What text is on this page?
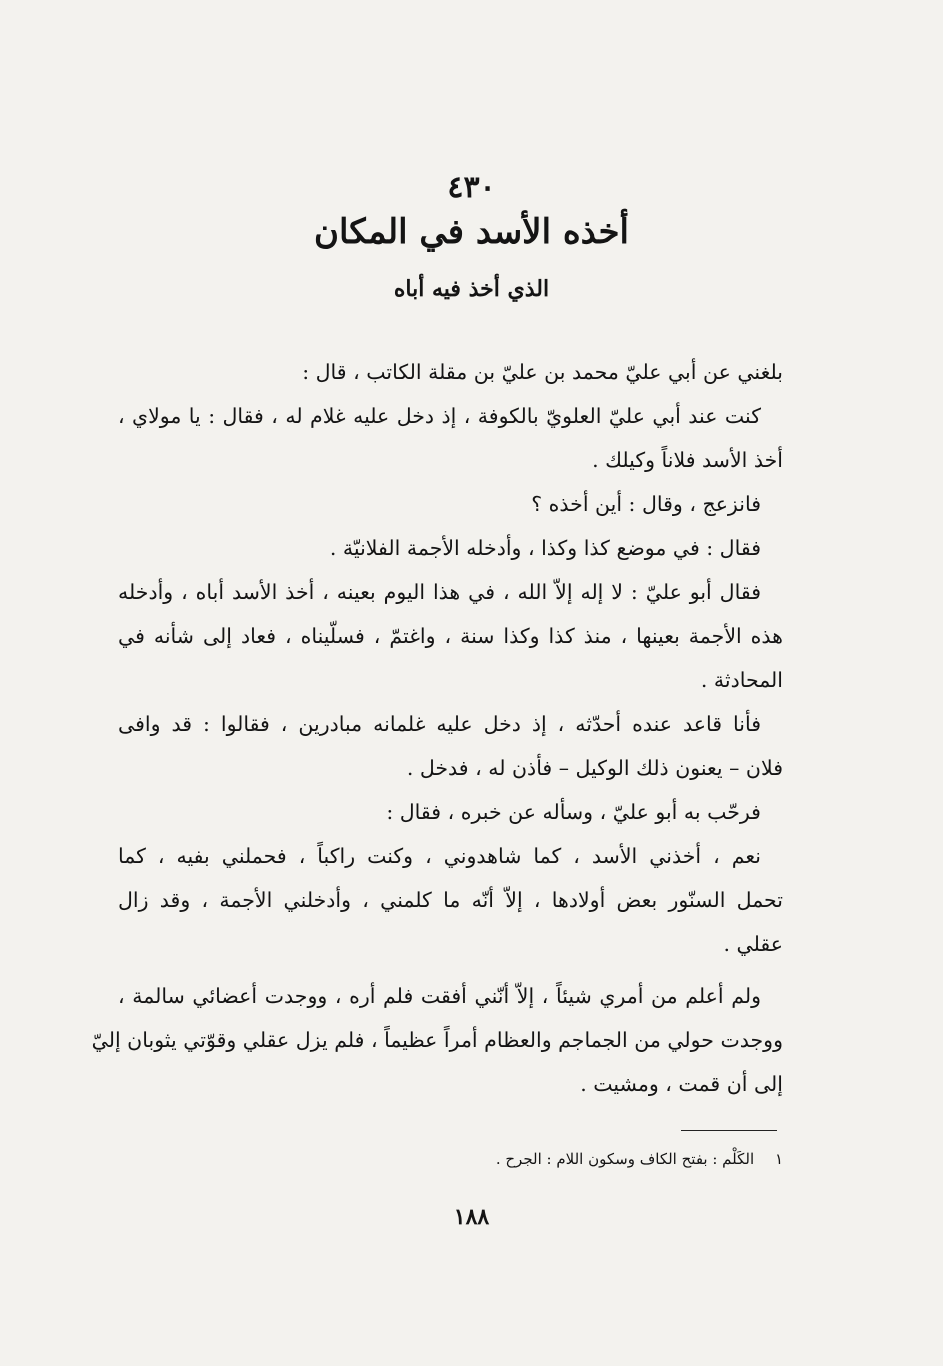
٤٣٠
أخذه الأسد في المكان
الذي أخذ فيه أباه
بلغني عن أبي عليّ محمد بن عليّ بن مقلة الكاتب ، قال :
كنت عند أبي عليّ العلويّ بالكوفة ، إذ دخل عليه غلام له ، فقال : يا مولاي ،
أخذ الأسد فلاناً وكيلك .
فانزعج ، وقال : أين أخذه ؟
فقال : في موضع كذا وكذا ، وأدخله الأجمة الفلانيّة .
فقال أبو عليّ : لا إله إلاّ الله ، في هذا اليوم بعينه ، أخذ الأسد أباه ، وأدخله
هذه الأجمة بعينها ، منذ كذا وكذا سنة ، واغتمّ ، فسلّيناه ، فعاد إلى شأنه في
المحادثة .
فأنا قاعد عنده أحدّثه ، إذ دخل عليه غلمانه مبادرين ، فقالوا : قد وافى
فلان – يعنون ذلك الوكيل – فأذن له ، فدخل .
فرحّب به أبو عليّ ، وسأله عن خبره ، فقال :
نعم ، أخذني الأسد ، كما شاهدوني ، وكنت راكباً ، فحملني بفيه ، كما
تحمل السنّور بعض أولادها ، إلاّ أنّه ما كلمني ، وأدخلني الأجمة ، وقد زال
عقلي .
ولم أعلم من أمري شيئاً ، إلاّ أنّني أفقت فلم أره ، ووجدت أعضائي سالمة ،
ووجدت حولي من الجماجم والعظام أمراً عظيماً ، فلم يزل عقلي وقوّتي يثوبان إليّ
إلى أن قمت ، ومشيت .
١ الكَلْم : بفتح الكاف وسكون اللام : الجرح .
١٨٨
